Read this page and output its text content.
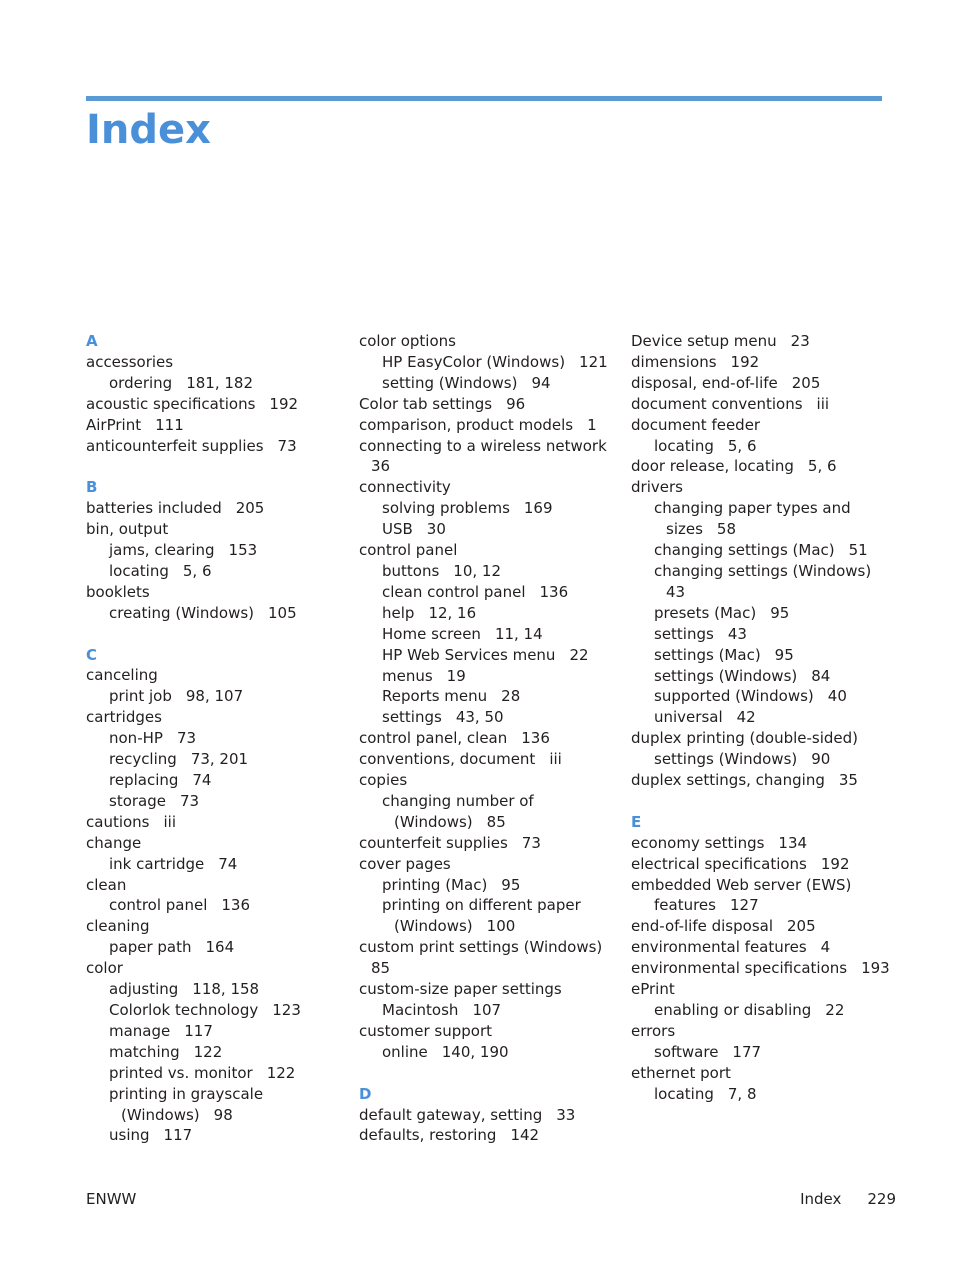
Index
A
accessories
ordering 181, 182
acoustic specifications 192
AirPrint 111
anticounterfeit supplies 73
B
batteries included 205
bin, output
jams, clearing 153
locating 5, 6
booklets
creating (Windows) 105
C
canceling
print job 98, 107
cartridges
non-HP 73
recycling 73, 201
replacing 74
storage 73
cautions iii
change
ink cartridge 74
clean
control panel 136
cleaning
paper path 164
color
adjusting 118, 158
Colorlok technology 123
manage 117
matching 122
printed vs. monitor 122
printing in grayscale
(Windows) 98
using 117
color options
HP EasyColor (Windows) 121
setting (Windows) 94
Color tab settings 96
comparison, product models 1
connecting to a wireless network
36
connectivity
solving problems 169
USB 30
control panel
buttons 10, 12
clean control panel 136
help 12, 16
Home screen 11, 14
HP Web Services menu 22
menus 19
Reports menu 28
settings 43, 50
control panel, clean 136
conventions, document iii
copies
changing number of
(Windows) 85
counterfeit supplies 73
cover pages
printing (Mac) 95
printing on different paper
(Windows) 100
custom print settings (Windows)
85
custom-size paper settings
Macintosh 107
customer support
online 140, 190
D
default gateway, setting 33
defaults, restoring 142
Device setup menu 23
dimensions 192
disposal, end-of-life 205
document conventions iii
document feeder
locating 5, 6
door release, locating 5, 6
drivers
changing paper types and
sizes 58
changing settings (Mac) 51
changing settings (Windows)
43
presets (Mac) 95
settings 43
settings (Mac) 95
settings (Windows) 84
supported (Windows) 40
universal 42
duplex printing (double-sided)
settings (Windows) 90
duplex settings, changing 35
E
economy settings 134
electrical specifications 192
embedded Web server (EWS)
features 127
end-of-life disposal 205
environmental features 4
environmental specifications 193
ePrint
enabling or disabling 22
errors
software 177
ethernet port
locating 7, 8
ENWW	Index 229
